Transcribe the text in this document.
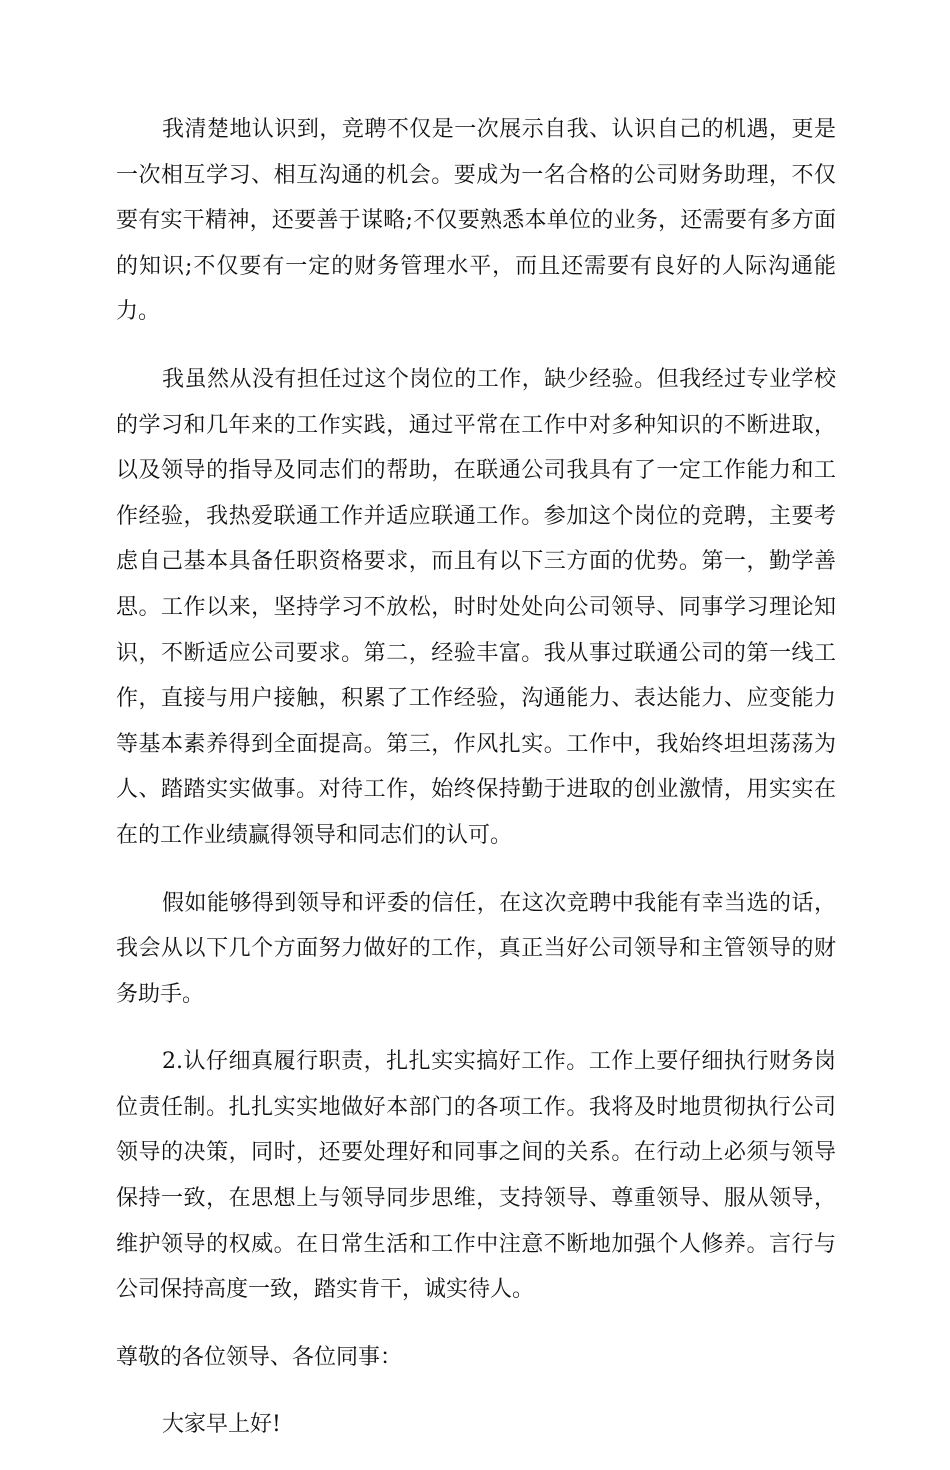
我清楚地认识到，竞聘不仅是一次展示自我、认识自己的机遇，更是一次相互学习、相互沟通的机会。要成为一名合格的公司财务助理，不仅要有实干精神，还要善于谋略;不仅要熟悉本单位的业务，还需要有多方面的知识;不仅要有一定的财务管理水平，而且还需要有良好的人际沟通能力。

我虽然从没有担任过这个岗位的工作，缺少经验。但我经过专业学校的学习和几年来的工作实践，通过平常在工作中对多种知识的不断进取，以及领导的指导及同志们的帮助，在联通公司我具有了一定工作能力和工作经验，我热爱联通工作并适应联通工作。参加这个岗位的竞聘，主要考虑自己基本具备任职资格要求，而且有以下三方面的优势。第一，勤学善思。工作以来，坚持学习不放松，时时处处向公司领导、同事学习理论知识，不断适应公司要求。第二，经验丰富。我从事过联通公司的第一线工作，直接与用户接触，积累了工作经验，沟通能力、表达能力、应变能力等基本素养得到全面提高。第三，作风扎实。工作中，我始终坦坦荡荡为人、踏踏实实做事。对待工作，始终保持勤于进取的创业激情，用实实在在的工作业绩赢得领导和同志们的认可。

假如能够得到领导和评委的信任，在这次竞聘中我能有幸当选的话，我会从以下几个方面努力做好的工作，真正当好公司领导和主管领导的财务助手。

2.认仔细真履行职责，扎扎实实搞好工作。工作上要仔细执行财务岗位责任制。扎扎实实地做好本部门的各项工作。我将及时地贯彻执行公司领导的决策，同时，还要处理好和同事之间的关系。在行动上必须与领导保持一致，在思想上与领导同步思维，支持领导、尊重领导、服从领导，维护领导的权威。在日常生活和工作中注意不断地加强个人修养。言行与公司保持高度一致，踏实肯干，诚实待人。

尊敬的各位领导、各位同事：

大家早上好!
